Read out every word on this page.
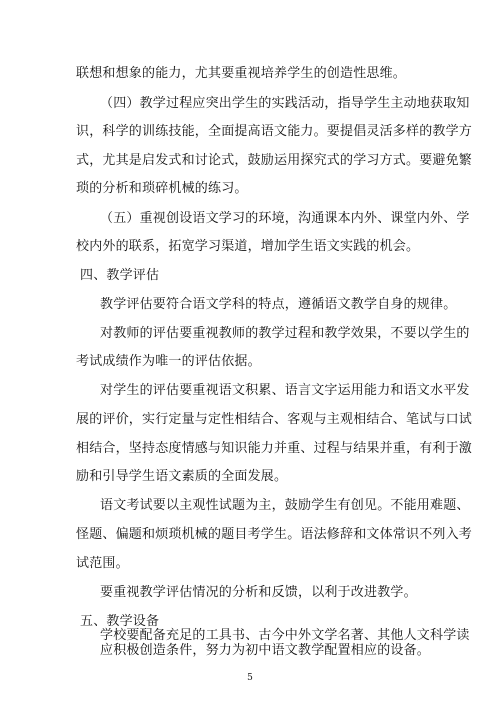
联想和想象的能力，尤其要重视培养学生的创造性思维。
（四）教学过程应突出学生的实践活动，指导学生主动地获取知
识，科学的训练技能，全面提高语文能力。要提倡灵活多样的教学方
式，尤其是启发式和讨论式，鼓励运用探究式的学习方式。要避免繁
琐的分析和琐碎机械的练习。
（五）重视创设语文学习的环境，沟通课本内外、课堂内外、学
校内外的联系，拓宽学习渠道，增加学生语文实践的机会。
四、教学评估
教学评估要符合语文学科的特点，遵循语文教学自身的规律。
对教师的评估要重视教师的教学过程和教学效果，不要以学生的
考试成绩作为唯一的评估依据。
对学生的评估要重视语文积累、语言文字运用能力和语文水平发
展的评价，实行定量与定性相结合、客观与主观相结合、笔试与口试
相结合，坚持态度情感与知识能力并重、过程与结果并重，有利于激
励和引导学生语文素质的全面发展。
语文考试要以主观性试题为主，鼓励学生有创见。不能用难题、
怪题、偏题和烦琐机械的题目考学生。语法修辞和文体常识不列入考
试范围。
要重视教学评估情况的分析和反馈，以利于改进教学。
五、教学设备
应积极创造条件，努力为初中语文教学配置相应的设备。
学校要配备充足的工具书、古今中外文学名著、其他人文科学读
5
